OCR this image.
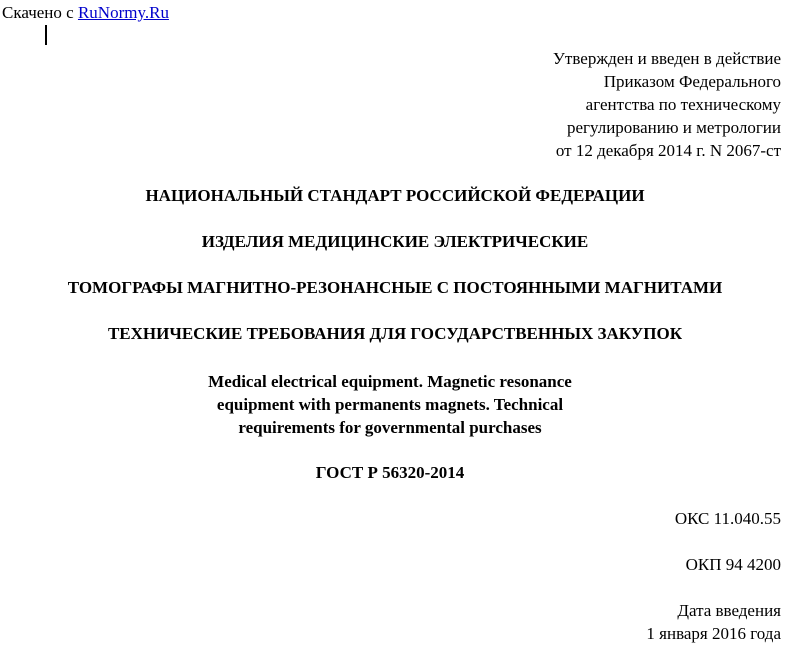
Скачено с RuNormy.Ru
Утвержден и введен в действие
Приказом Федерального
агентства по техническому
регулированию и метрологии
от 12 декабря 2014 г. N 2067-ст
НАЦИОНАЛЬНЫЙ СТАНДАРТ РОССИЙСКОЙ ФЕДЕРАЦИИ
ИЗДЕЛИЯ МЕДИЦИНСКИЕ ЭЛЕКТРИЧЕСКИЕ
ТОМОГРАФЫ МАГНИТНО-РЕЗОНАНСНЫЕ С ПОСТОЯННЫМИ МАГНИТАМИ
ТЕХНИЧЕСКИЕ ТРЕБОВАНИЯ ДЛЯ ГОСУДАРСТВЕННЫХ ЗАКУПОК
Medical electrical equipment. Magnetic resonance
equipment with permanents magnets. Technical
requirements for governmental purchases
ГОСТ Р 56320-2014
ОКС 11.040.55
ОКП 94 4200
Дата введения
1 января 2016 года
